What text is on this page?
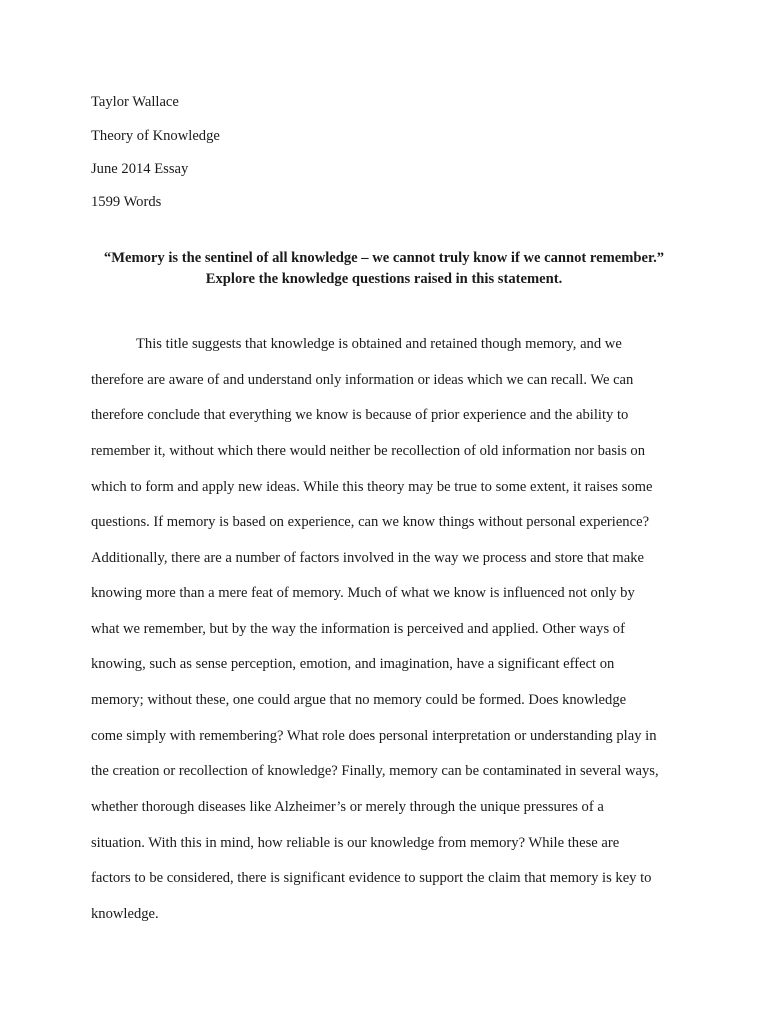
Taylor Wallace
Theory of Knowledge
June 2014 Essay
1599 Words
“Memory is the sentinel of all knowledge – we cannot truly know if we cannot remember.”
Explore the knowledge questions raised in this statement.
This title suggests that knowledge is obtained and retained though memory, and we
therefore are aware of and understand only information or ideas which we can recall. We can
therefore conclude that everything we know is because of prior experience and the ability to
remember it, without which there would neither be recollection of old information nor basis on
which to form and apply new ideas. While this theory may be true to some extent, it raises some
questions. If memory is based on experience, can we know things without personal experience?
Additionally, there are a number of factors involved in the way we process and store that make
knowing more than a mere feat of memory. Much of what we know is influenced not only by
what we remember, but by the way the information is perceived and applied. Other ways of
knowing, such as sense perception, emotion, and imagination, have a significant effect on
memory; without these, one could argue that no memory could be formed. Does knowledge
come simply with remembering? What role does personal interpretation or understanding play in
the creation or recollection of knowledge? Finally, memory can be contaminated in several ways,
whether thorough diseases like Alzheimer’s or merely through the unique pressures of a
situation. With this in mind, how reliable is our knowledge from memory? While these are
factors to be considered, there is significant evidence to support the claim that memory is key to
knowledge.
